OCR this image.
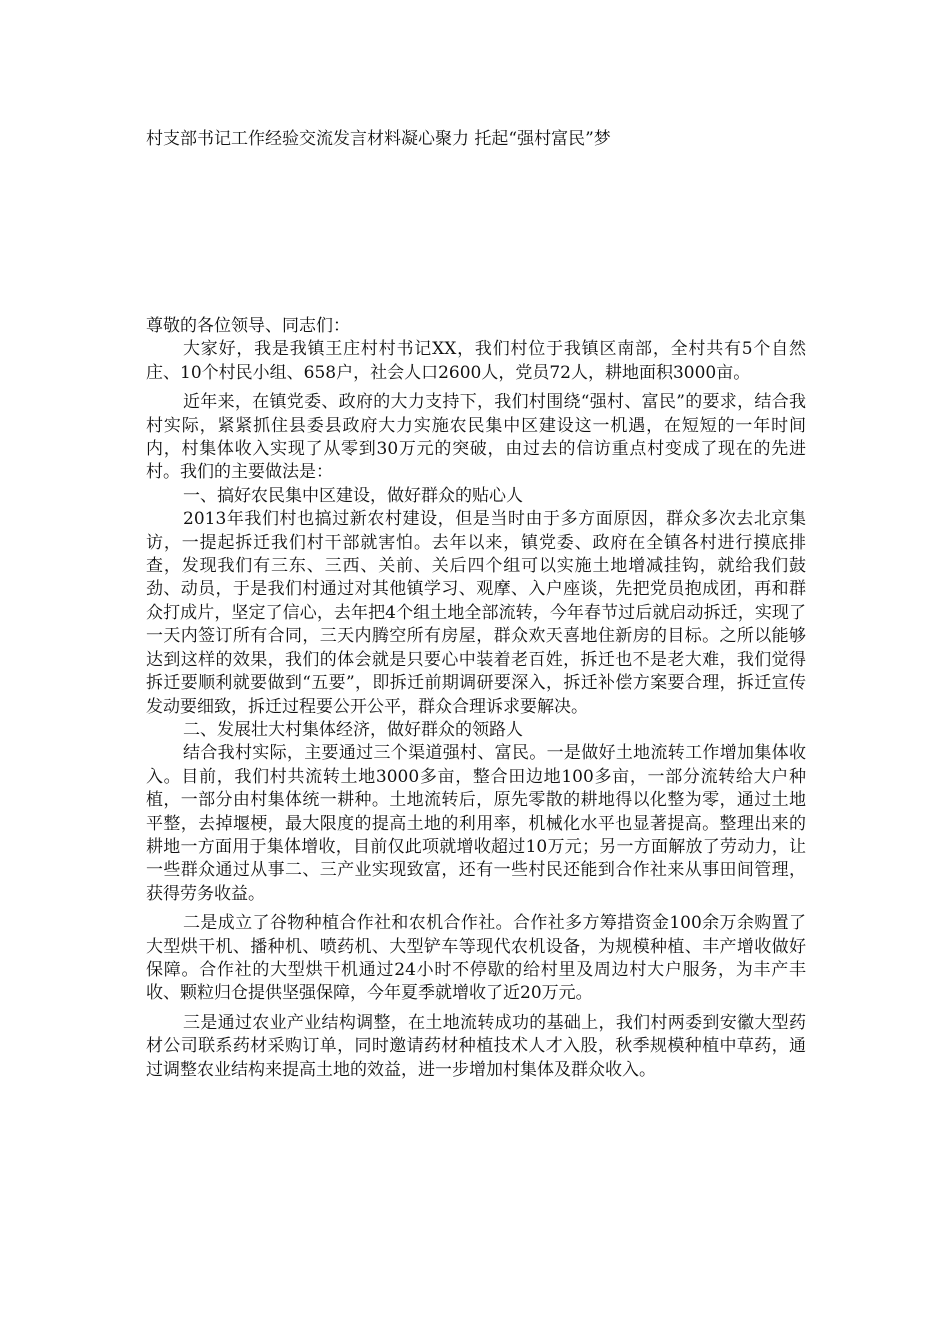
村支部书记工作经验交流发言材料凝心聚力 托起“强村富民”梦

尊敬的各位领导、同志们：

大家好，我是我镇王庄村村书记XX，我们村位于我镇区南部，全村共有5个自然庄、10个村民小组、658户，社会人口2600人，党员72人，耕地面积3000亩。

近年来，在镇党委、政府的大力支持下，我们村围绕“强村、富民”的要求，结合我村实际，紧紧抓住县委县政府大力实施农民集中区建设这一机遇，在短短的一年时间内，村集体收入实现了从零到30万元的突破，由过去的信访重点村变成了现在的先进村。我们的主要做法是：

一、搞好农民集中区建设，做好群众的贴心人

2013年我们村也搞过新农村建设，但是当时由于多方面原因，群众多次去北京集访，一提起拆迁我们村干部就害怕。去年以来，镇党委、政府在全镇各村进行摸底排查，发现我们有三东、三西、关前、关后四个组可以实施土地增减挂钩，就给我们鼓劲、动员，于是我们村通过对其他镇学习、观摩、入户座谈，先把党员抱成团，再和群众打成片，坚定了信心，去年把4个组土地全部流转，今年春节过后就启动拆迁，实现了一天内签订所有合同，三天内腾空所有房屋，群众欢天喜地住新房的目标。之所以能够达到这样的效果，我们的体会就是只要心中装着老百姓，拆迁也不是老大难，我们觉得拆迁要顺利就要做到“五要”，即拆迁前期调研要深入，拆迁补偿方案要合理，拆迁宣传发动要细致，拆迁过程要公开公平，群众合理诉求要解决。

二、发展壮大村集体经济，做好群众的领路人

结合我村实际，主要通过三个渠道强村、富民。一是做好土地流转工作增加集体收入。目前，我们村共流转土地3000多亩，整合田边地100多亩，一部分流转给大户种植，一部分由村集体统一耕种。土地流转后，原先零散的耕地得以化整为零，通过土地平整，去掉堰梗，最大限度的提高土地的利用率，机械化水平也显著提高。整理出来的耕地一方面用于集体增收，目前仅此项就增收超过10万元；另一方面解放了劳动力，让一些群众通过从事二、三产业实现致富，还有一些村民还能到合作社来从事田间管理，获得劳务收益。

二是成立了谷物种植合作社和农机合作社。合作社多方筹措资金100余万余购置了大型烘干机、播种机、喷药机、大型铲车等现代农机设备，为规模种植、丰产增收做好保障。合作社的大型烘干机通过24小时不停歇的给村里及周边村大户服务，为丰产丰收、颗粒归仓提供坚强保障，今年夏季就增收了近20万元。

三是通过农业产业结构调整，在土地流转成功的基础上，我们村两委到安徽大型药材公司联系药材采购订单，同时邀请药材种植技术人才入股，秋季规模种植中草药，通过调整农业结构来提高土地的效益，进一步增加村集体及群众收入。
